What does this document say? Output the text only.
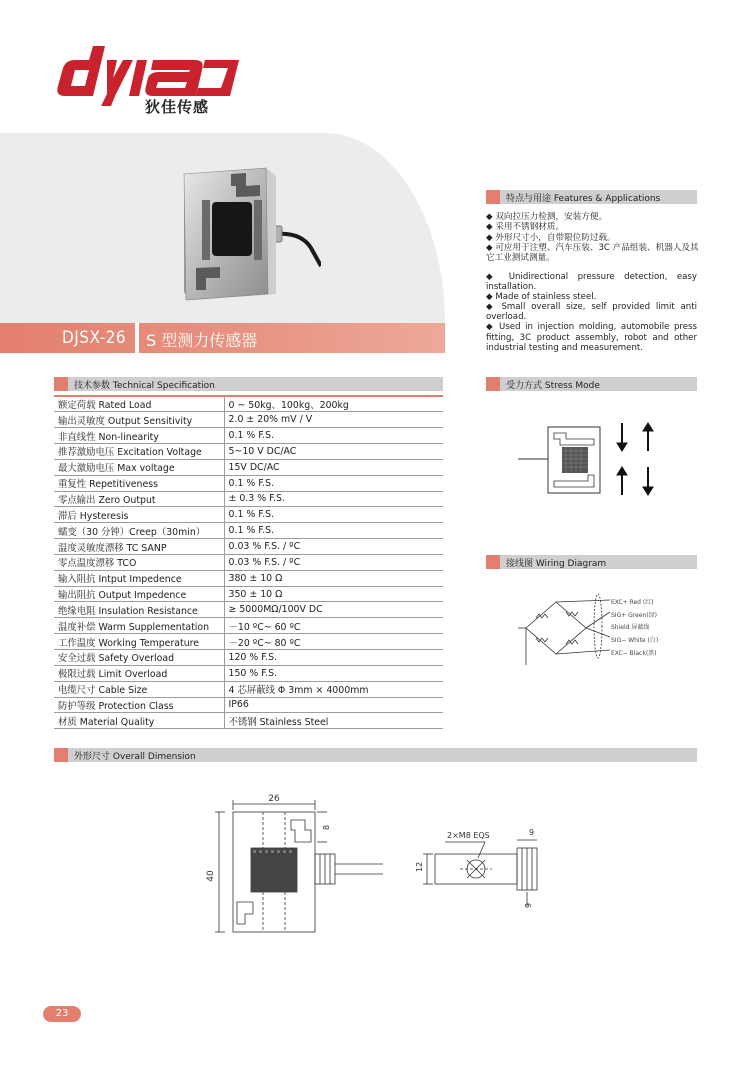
狄佳传感
DJSX-26 S 型测力传感器
特点与用途 Features & Applications
◆ 双向拉压力检测，安装方便。
◆ 采用不锈钢材质。
◆ 外形尺寸小，自带限位防过载。
◆ 可应用于注塑、汽车压装、3C 产品组装、机器人及其它工业测试测量。
◆ Unidirectional pressure detection, easy installation.
◆ Made of stainless steel.
◆ Small overall size, self provided limit anti overload.
◆ Used in injection molding, automobile press fitting, 3C product assembly, robot and other industrial testing and measurement.
技术参数 Technical Specification
额定荷载 Rated Load	0 ~ 50kg、100kg、200kg
输出灵敏度 Output Sensitivity	2.0 ± 20% mV / V
非直线性 Non-linearity	0.1 % F.S.
推荐激励电压 Excitation Voltage	5~10 V DC/AC
最大激励电压 Max voltage	15V DC/AC
重复性 Repetitiveness	0.1 % F.S.
零点输出 Zero Output	± 0.3 % F.S.
滞后 Hysteresis	0.1 % F.S.
蠕变（30 分钟）Creep（30min）	0.1 % F.S.
温度灵敏度漂移 TC SANP	0.03 % F.S. / ºC
零点温度漂移 TCO	0.03 % F.S. / ºC
输入阻抗 Intput Impedence	380 ± 10 Ω
输出阻抗 Output Impedence	350 ± 10 Ω
绝缘电阻 Insulation Resistance	≥ 5000MΩ/100V DC
温度补偿 Warm Supplementation	－10 ºC~ 60 ºC
工作温度 Working Temperature	－20 ºC~ 80 ºC
安全过载 Safety Overload	120 % F.S.
极限过载 Limit Overload	150 % F.S.
电缆尺寸 Cable Size	4 芯屏蔽线 Φ 3mm × 4000mm
防护等级 Protection Class	IP66
材质 Material Quality	不锈钢 Stainless Steel
受力方式 Stress Mode
接线图 Wiring Diagram
EXC+ Red (红)
SIG+ Green(绿)
Shield 屏蔽线
SIG− White (白)
EXC− Black(黑)
外形尺寸 Overall Dimension
26
40
8
2×M8 EQS
12
9
9
23
